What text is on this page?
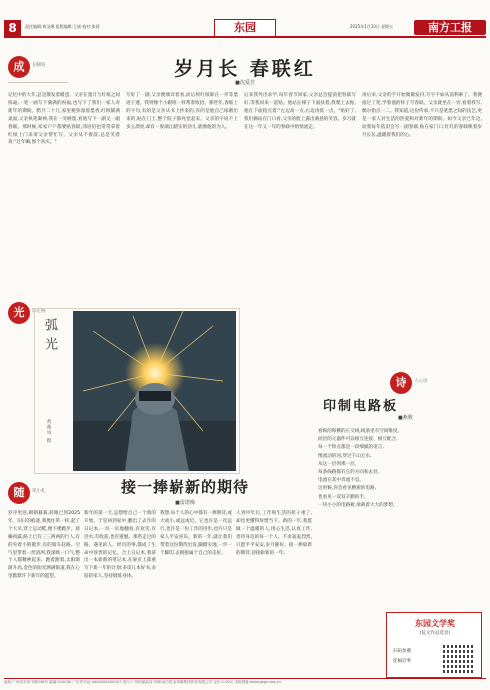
8	责任编辑:黄灵娜 组版编辑:王斌 校对:张莉	东园	2025年1月10日 星期五	南方工报
成	长瞬间	岁月长 春联红
■沈爱芳
记忆中的大年,总是散发着暖意。父亲在墨汁与红纸之间挥毫,一笔一画写下满满的祝福,也写下了我们一家人对新年的期盼。腊月二十几,家里便弥漫着墨香,红纸铺满桌面,父亲执笔凝神,我在一旁磨墨,看他写下一副又一副春联。那时候,家家户户都要贴春联,邻居们也常常拿着红纸上门来请父亲帮忙写。父亲从不推辞,总是笑着说:"过年嘛,图个喜庆。"
写好了一副,父亲便端详着看,而后将红纸晾在一旁等墨迹干透。我则像个小跟班一样帮着收拾。那些年,春联上的字句,有的是父亲从书上抄来的,有的是他自己琢磨出来的,贴在门上,整个院子都亮堂起来。父亲的字说不上多么漂亮,却有一股端正踏实的劲儿,就像他的为人。
后来我外出求学,每年春节回家,父亲总会提前把春联写好,等我回来一起贴。他站在梯子下面扶着,我爬上去贴,他在下面指点着:"左边高一点,右边再低一点。"贴好了,我们俩站在门口看,父亲的脸上露出满意的笑容。岁月就在这一年又一年的春联中悄悄流走。
再后来,父亲的手开始微微发抖,写字不如从前利索了。我便接过了笔,学着他的样子写春联。父亲就坐在一旁,看着我写,偶尔指点一二。我知道,这份传承,不只是笔墨之间的技艺,更是一家人对生活的热爱和对新年的期盼。如今父亲已年迈,而我每年依旧会写一副春联,贴在家门口,红红的春联映着岁月长长,温暖着我们的心。
光	影定格
弧光
黄燕凤 摄
诗	人心语
印制电路板
■燕歌
看纵的和横的正交线,线条里有空间维度,
同层的元器件可以相互连接、相互配合,
每一个焊点都是一段细腻的语言,
像流动的河,穿过千山万水,
从这一层到那一层,
每条线路都有它的方向和去处,
电流在其中奔流不息。
这时候,你会看见精密的电路,
也看见一双双辛勤的手,
一块小小的电路板,承载着大大的梦想。
随	笔小札	接一捧崭新的期待
■雷诺梅
岁序更迭,朝朝暮暮,转眼已到2025年。旧日的痕迹,我像往常一样,起了个大早,穿上运动鞋,便下楼跑步。晨曦初露,路上已有三三两两的行人,有的牵着小狗散步,有的骑车赶路。空气里带着一丝清冽,我深吸一口气,整个人都精神起来。跑着跑着,太阳渐渐升高,金色的阳光洒满街道,我在心里默默许下新年的愿望。
新年的第一天,总想给自己一个新的开始。于是回到家中,翻出了去年的日记本,一页一页地翻看,有欢笑,有泪水,有收获,也有遗憾。那些走过的路、遇见的人、经历的事,都成了生命中珍贵的记忆。合上日记本,我拿出一本崭新的笔记本,在扉页上郑重写下新一年的计划:多读几本好书,多陪陪家人,坚持锻炼身体。
我想,每个人的心中都有一捧期待,或大或小,或远或近。它也许是一次远行,也许是一份工作的进步,也许只是家人平安喜乐。新的一年,就让我们带着这份期待出发,脚踏实地,一步一个脚印,去拥抱属于自己的美好。
人到中年后,工作和生活的担子重了,却也更懂得珍惜当下。新的一年,我愿做一个温暖的人,用心生活,认真工作,善待身边的每一个人。不求轰轰烈烈,只愿平平安安,岁月静好。接一捧崭新的期待,迎接崭新的一年。
东园文学奖
(征文作品选登)
扫码参赛
征稿启事
地址:广州市东风中路436号 邮编:510030 广告许可证:4400004000007 发行:广州市邮政局 印刷:南方报业传媒集团印务有限公司 定价:1.00元 本报网址:www.gzgh.org.cn
